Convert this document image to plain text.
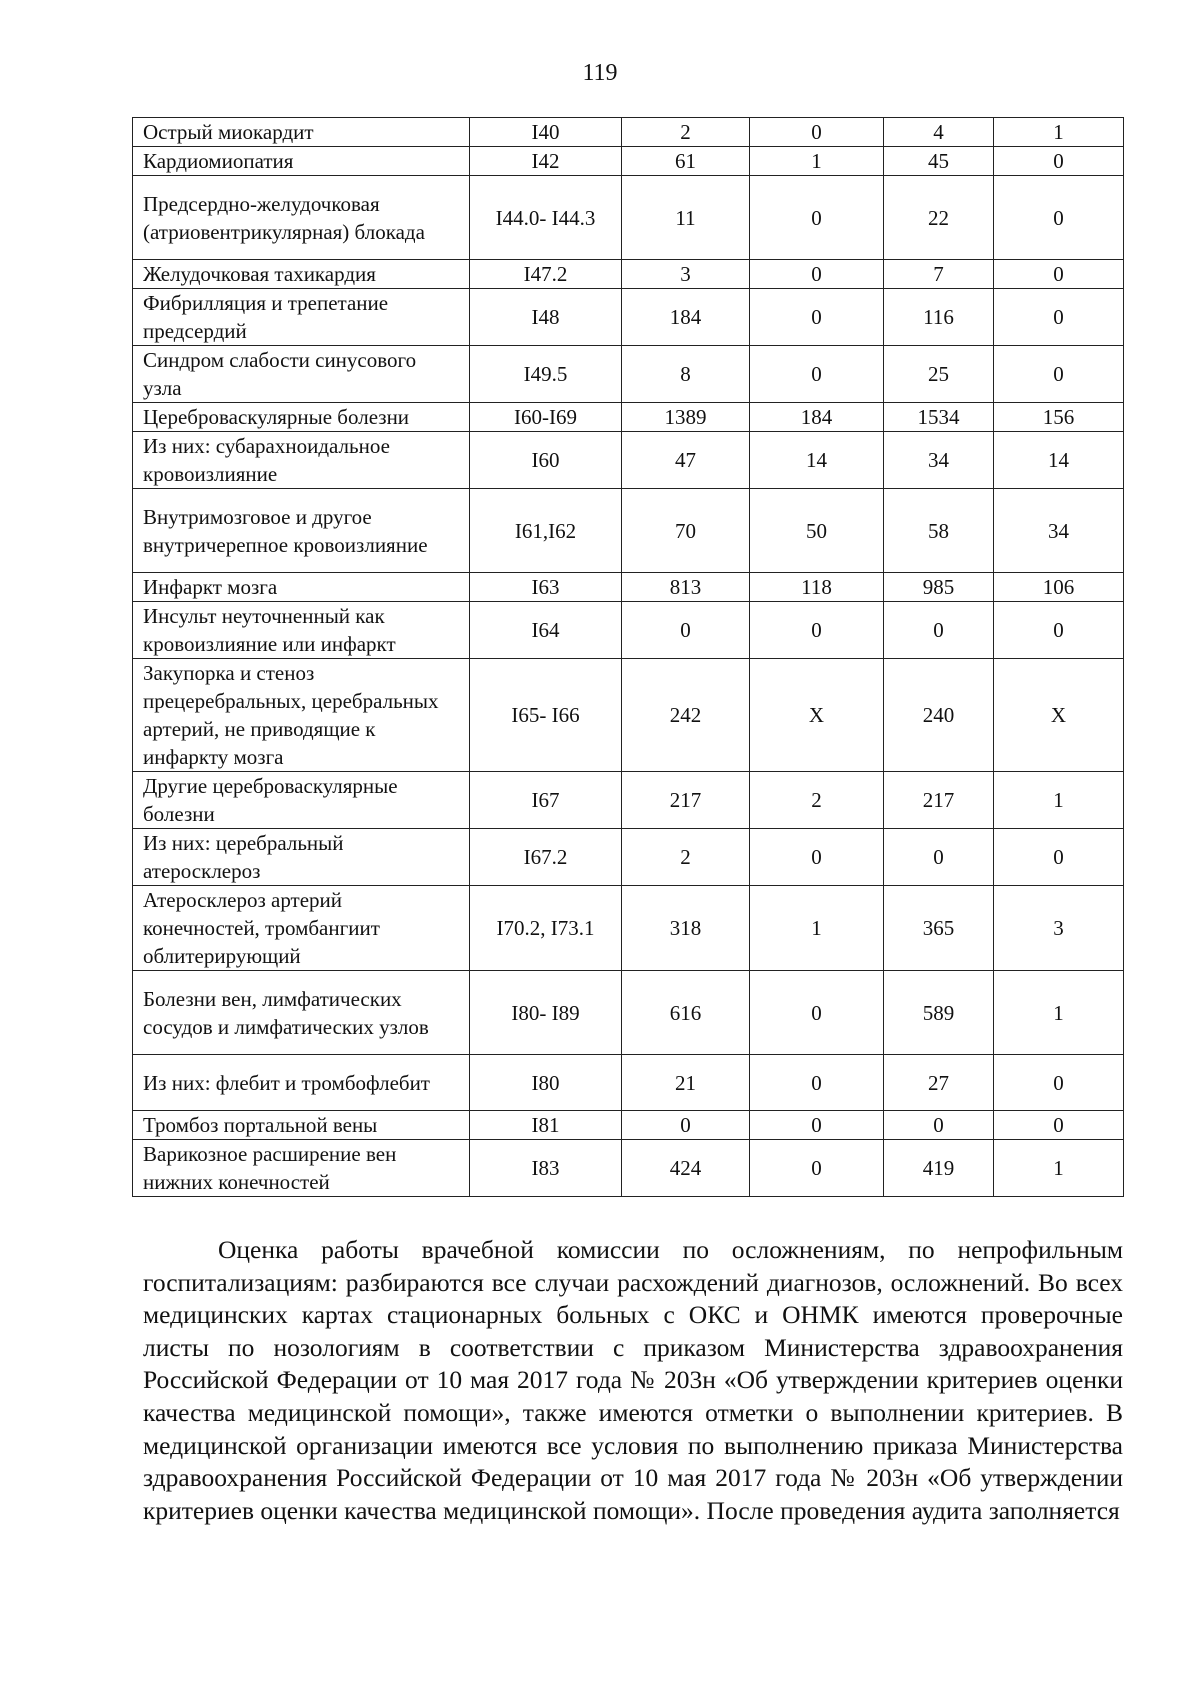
119
Острый миокардит	I40	2	0	4	1
Кардиомиопатия	I42	61	1	45	0
Предсердно-желудочковая (атриовентрикулярная) блокада	I44.0- I44.3	11	0	22	0
Желудочковая тахикардия	I47.2	3	0	7	0
Фибрилляция и трепетание предсердий	I48	184	0	116	0
Синдром слабости синусового узла	I49.5	8	0	25	0
Цереброваскулярные болезни	I60-I69	1389	184	1534	156
Из них: субарахноидальное кровоизлияние	I60	47	14	34	14
Внутримозговое и другое внутричерепное кровоизлияние	I61,I62	70	50	58	34
Инфаркт мозга	I63	813	118	985	106
Инсульт неуточненный как кровоизлияние или инфаркт	I64	0	0	0	0
Закупорка и стеноз прецеребральных, церебральных артерий, не приводящие к инфаркту мозга	I65- I66	242	Х	240	Х
Другие цереброваскулярные болезни	I67	217	2	217	1
Из них: церебральный атеросклероз	I67.2	2	0	0	0
Атеросклероз артерий конечностей, тромбангиит облитерирующий	I70.2, I73.1	318	1	365	3
Болезни вен, лимфатических сосудов и лимфатических узлов	I80- I89	616	0	589	1
Из них: флебит и тромбофлебит	I80	21	0	27	0
Тромбоз портальной вены	I81	0	0	0	0
Варикозное расширение вен нижних конечностей	I83	424	0	419	1

Оценка работы врачебной комиссии по осложнениям, по непрофильным госпитализациям: разбираются все случаи расхождений диагнозов, осложнений. Во всех медицинских картах стационарных больных с ОКС и ОНМК имеются проверочные листы по нозологиям в соответствии с приказом Министерства здравоохранения Российской Федерации от 10 мая 2017 года № 203н «Об утверждении критериев оценки качества медицинской помощи», также имеются отметки о выполнении критериев. В медицинской организации имеются все условия по выполнению приказа Министерства здравоохранения Российской Федерации от 10 мая 2017 года № 203н «Об утверждении критериев оценки качества медицинской помощи». После проведения аудита заполняется
